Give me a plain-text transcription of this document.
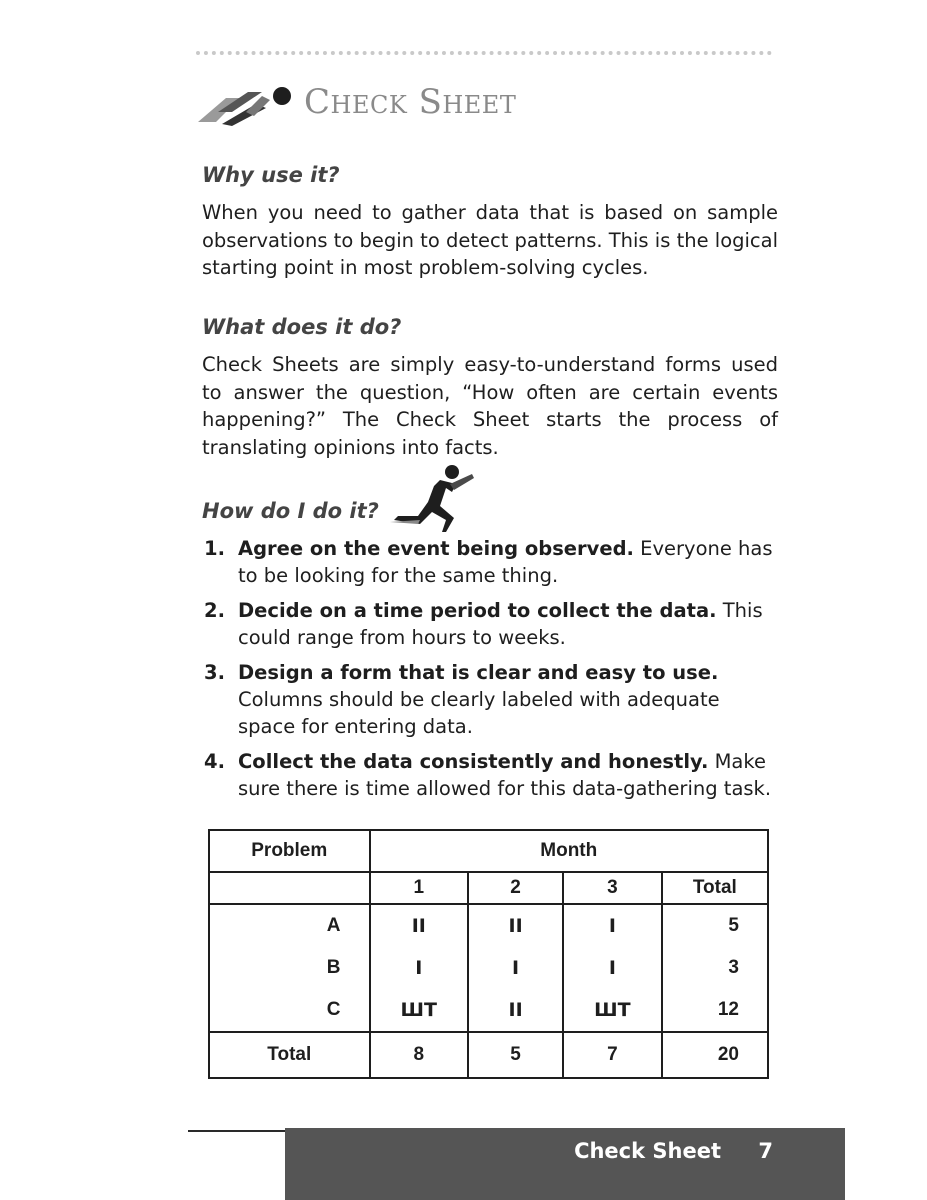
Check Sheet
Why use it?

When you need to gather data that is based on sample observations to begin to detect patterns. This is the logical starting point in most problem-solving cycles.

What does it do?

Check Sheets are simply easy-to-understand forms used to answer the question, “How often are certain events happening?” The Check Sheet starts the process of translating opinions into facts.

How do I do it?
1. Agree on the event being observed. Everyone has to be looking for the same thing.
2. Decide on a time period to collect the data. This could range from hours to weeks.
3. Design a form that is clear and easy to use. Columns should be clearly labeled with adequate space for entering data.
4. Collect the data consistently and honestly. Make sure there is time allowed for this data-gathering task.
Problem	Month			
	1	2	3	Total
A	II	II	I	5
B	I	I	I	3
C	ШΤ	II	ШΤ	12
Total	8	5	7	20
Check Sheet 7
